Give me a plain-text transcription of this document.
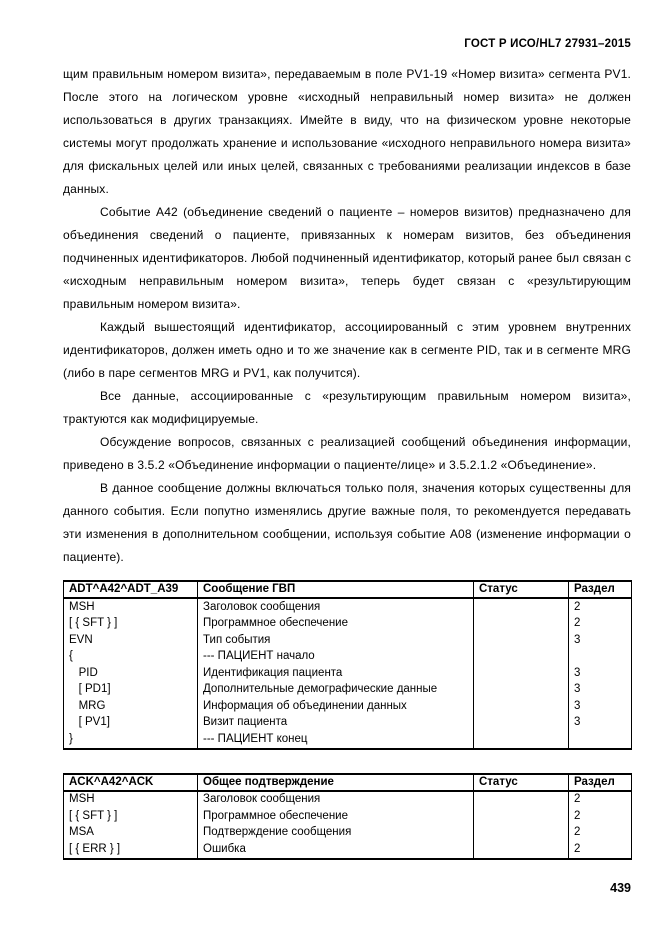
ГОСТ Р ИСО/HL7 27931–2015

щим правильным номером визита», передаваемым в поле PV1-19 «Номер визита» сегмента PV1. После этого на логическом уровне «исходный неправильный номер визита» не должен использоваться в других транзакциях. Имейте в виду, что на физическом уровне некоторые системы могут продолжать хранение и использование «исходного неправильного номера визита» для фискальных целей или иных целей, связанных с требованиями реализации индексов в базе данных.

Событие A42 (объединение сведений о пациенте – номеров визитов) предназначено для объединения сведений о пациенте, привязанных к номерам визитов, без объединения подчиненных идентификаторов. Любой подчиненный идентификатор, который ранее был связан с «исходным неправильным номером визита», теперь будет связан с «результирующим правильным номером визита».

Каждый вышестоящий идентификатор, ассоциированный с этим уровнем внутренних идентификаторов, должен иметь одно и то же значение как в сегменте PID, так и в сегменте MRG (либо в паре сегментов MRG и PV1, как получится).

Все данные, ассоциированные с «результирующим правильным номером визита», трактуются как модифицируемые.

Обсуждение вопросов, связанных с реализацией сообщений объединения информации, приведено в 3.5.2 «Объединение информации о пациенте/лице» и 3.5.2.1.2 «Объединение».

В данное сообщение должны включаться только поля, значения которых существенны для данного события. Если попутно изменялись другие важные поля, то рекомендуется передавать эти изменения в дополнительном сообщении, используя событие A08 (изменение информации о пациенте).

ADT^A42^ADT_A39	Сообщение ГВП	Статус	Раздел
MSH	Заголовок сообщения		2
[ { SFT } ]	Программное обеспечение		2
EVN	Тип события		3
{	--- ПАЦИЕНТ начало		
PID	Идентификация пациента		3
[ PD1]	Дополнительные демографические данные		3
MRG	Информация об объединении данных		3
[ PV1]	Визит пациента		3
}	--- ПАЦИЕНТ конец		
ACK^A42^ACK	Общее подтверждение	Статус	Раздел
MSH	Заголовок сообщения		2
[ { SFT } ]	Программное обеспечение		2
MSA	Подтверждение сообщения		2
[ { ERR } ]	Ошибка		2
439
